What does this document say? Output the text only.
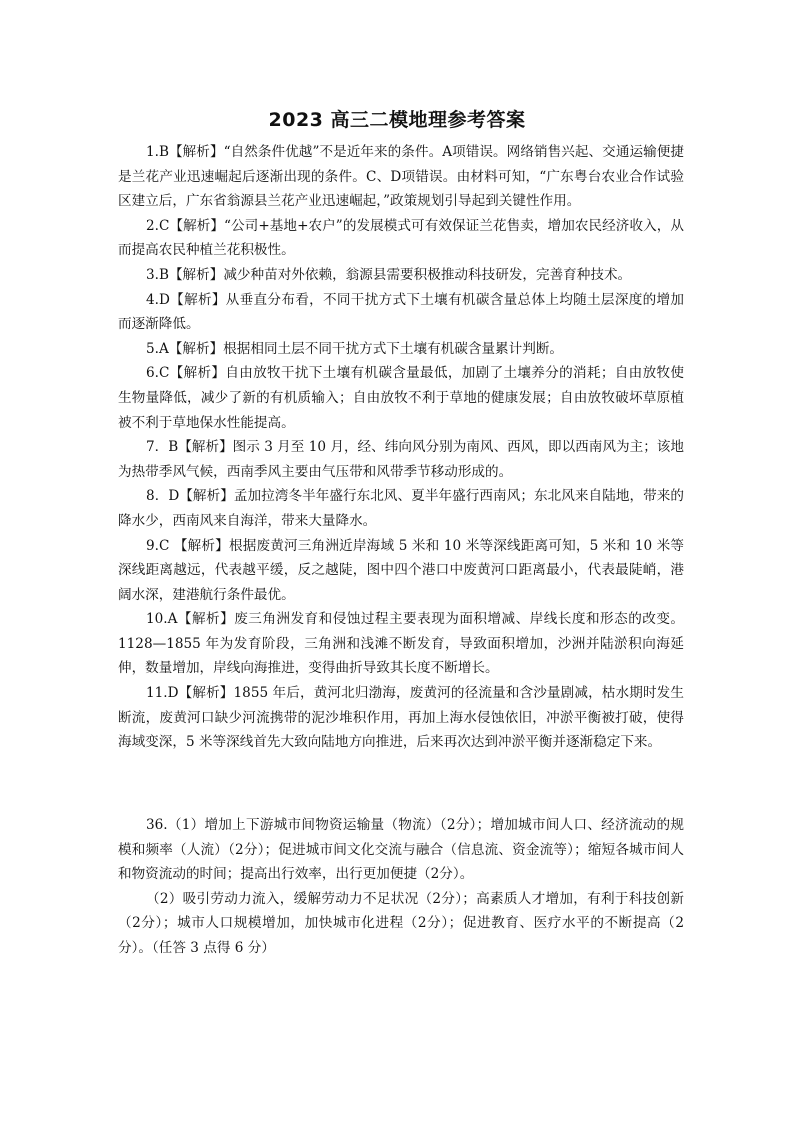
2023 高三二模地理参考答案

1.B【解析】“自然条件优越”不是近年来的条件。A项错误。网络销售兴起、交通运输便捷是兰花产业迅速崛起后逐渐出现的条件。C、D项错误。由材料可知，“广东粤台农业合作试验区建立后，广东省翁源县兰花产业迅速崛起，”政策规划引导起到关键性作用。

2.C【解析】“公司+基地+农户”的发展模式可有效保证兰花售卖，增加农民经济收入，从而提高农民种植兰花积极性。

3.B【解析】减少种苗对外依赖，翁源县需要积极推动科技研发，完善育种技术。

4.D【解析】从垂直分布看，不同干扰方式下土壤有机碳含量总体上均随土层深度的增加而逐渐降低。

5.A【解析】根据相同土层不同干扰方式下土壤有机碳含量累计判断。

6.C【解析】自由放牧干扰下土壤有机碳含量最低，加剧了土壤养分的消耗；自由放牧使生物量降低，减少了新的有机质输入；自由放牧不利于草地的健康发展；自由放牧破坏草原植被不利于草地保水性能提高。

7．B【解析】图示 3 月至 10 月，经、纬向风分别为南风、西风，即以西南风为主；该地为热带季风气候，西南季风主要由气压带和风带季节移动形成的。

8．D【解析】孟加拉湾冬半年盛行东北风、夏半年盛行西南风；东北风来自陆地，带来的降水少，西南风来自海洋，带来大量降水。

9.C 【解析】根据废黄河三角洲近岸海域 5 米和 10 米等深线距离可知，5 米和 10 米等深线距离越远，代表越平缓，反之越陡，图中四个港口中废黄河口距离最小，代表最陡峭，港阔水深，建港航行条件最优。

10.A【解析】废三角洲发育和侵蚀过程主要表现为面积增减、岸线长度和形态的改变。1128—1855 年为发育阶段，三角洲和浅滩不断发育，导致面积增加，沙洲并陆淤积向海延伸，数量增加，岸线向海推进，变得曲折导致其长度不断增长。

11.D【解析】1855 年后，黄河北归渤海，废黄河的径流量和含沙量剧减，枯水期时发生断流，废黄河口缺少河流携带的泥沙堆积作用，再加上海水侵蚀依旧，冲淤平衡被打破，使得海域变深，5 米等深线首先大致向陆地方向推进，后来再次达到冲淤平衡并逐渐稳定下来。

36.（1）增加上下游城市间物资运输量（物流）（2分）；增加城市间人口、经济流动的规模和频率（人流）（2分）；促进城市间文化交流与融合（信息流、资金流等）；缩短各城市间人和物资流动的时间；提高出行效率，出行更加便捷（2分）。

（2）吸引劳动力流入，缓解劳动力不足状况（2分）；高素质人才增加，有利于科技创新（2分）；城市人口规模增加，加快城市化进程（2分）；促进教育、医疗水平的不断提高（2分）。（任答 3 点得 6 分）
